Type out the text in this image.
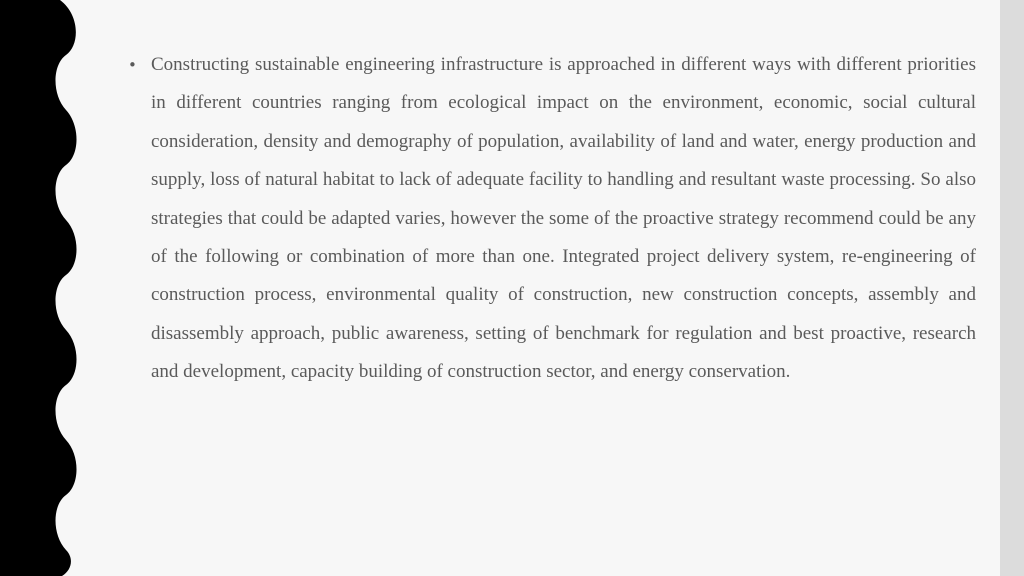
• Constructing sustainable engineering infrastructure is approached in different ways with different priorities in different countries ranging from ecological impact on the environment, economic, social cultural consideration, density and demography of population, availability of land and water, energy production and supply, loss of natural habitat to lack of adequate facility to handling and resultant waste processing. So also strategies that could be adapted varies, however the some of the proactive strategy recommend could be any of the following or combination of more than one. Integrated project delivery system, re-engineering of construction process, environmental quality of construction, new construction concepts, assembly and disassembly approach, public awareness, setting of benchmark for regulation and best proactive, research and development, capacity building of construction sector, and energy conservation.
